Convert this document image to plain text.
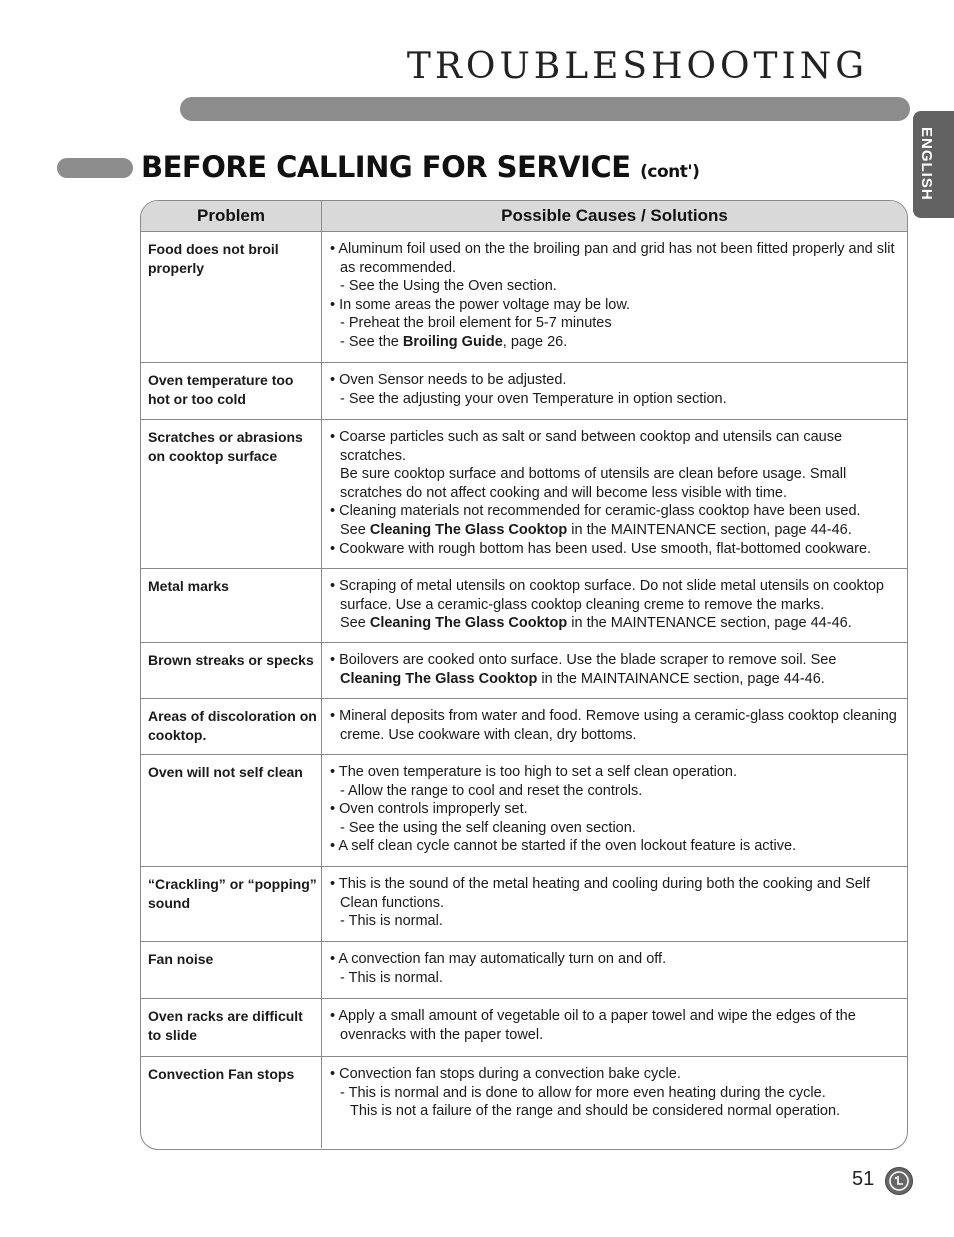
TROUBLESHOOTING
ENGLISH
BEFORE CALLING FOR SERVICE (cont')
Problem	Possible Causes / Solutions
Food does not broil properly	• Aluminum foil used on the the broiling pan and grid has not been fitted properly and slit as recommended.
- See the Using the Oven section.
• In some areas the power voltage may be low.
- Preheat the broil element for 5-7 minutes
- See the Broiling Guide, page 26.

Oven temperature too hot or too cold	• Oven Sensor needs to be adjusted.
- See the adjusting your oven Temperature in option section.

Scratches or abrasions on cooktop surface	• Coarse particles such as salt or sand between cooktop and utensils can cause scratches.
Be sure cooktop surface and bottoms of utensils are clean before usage. Small scratches do not affect cooking and will become less visible with time.
• Cleaning materials not recommended for ceramic-glass cooktop have been used.
See Cleaning The Glass Cooktop in the MAINTENANCE section, page 44-46.
• Cookware with rough bottom has been used. Use smooth, flat-bottomed cookware.

Metal marks	• Scraping of metal utensils on cooktop surface. Do not slide metal utensils on cooktop surface. Use a ceramic-glass cooktop cleaning creme to remove the marks.
See Cleaning The Glass Cooktop in the MAINTENANCE section, page 44-46.

Brown streaks or specks	• Boilovers are cooked onto surface. Use the blade scraper to remove soil. See
Cleaning The Glass Cooktop in the MAINTAINANCE section, page 44-46.

Areas of discoloration on cooktop.	• Mineral deposits from water and food. Remove using a ceramic-glass cooktop cleaning creme. Use cookware with clean, dry bottoms.

Oven will not self clean	• The oven temperature is too high to set a self clean operation.
- Allow the range to cool and reset the controls.
• Oven controls improperly set.
- See the using the self cleaning oven section.
• A self clean cycle cannot be started if the oven lockout feature is active.

“Crackling” or “popping” sound	• This is the sound of the metal heating and cooling during both the cooking and Self Clean functions.
- This is normal.

Fan noise	• A convection fan may automatically turn on and off.
- This is normal.

Oven racks are difficult to slide	• Apply a small amount of vegetable oil to a paper towel and wipe the edges of the ovenracks with the paper towel.

Convection Fan stops	• Convection fan stops during a convection bake cycle.
- This is normal and is done to allow for more even heating during the cycle.
This is not a failure of the range and should be considered normal operation.
51
